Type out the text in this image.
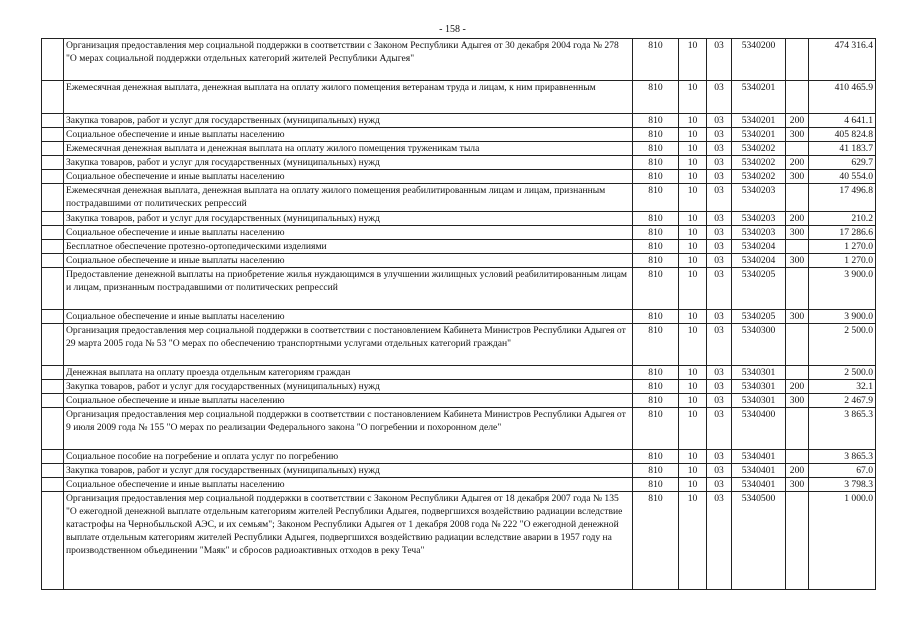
- 158 -
	Организация предоставления мер социальной поддержки в соответствии с Законом Республики Адыгея от 30 декабря 2004 года № 278 "О мерах социальной поддержки отдельных категорий жителей Республики Адыгея"	810	10	03	5340200		474 316.4
	Ежемесячная денежная выплата, денежная выплата на оплату жилого помещения ветеранам труда и лицам, к ним приравненным	810	10	03	5340201		410 465.9
	Закупка товаров, работ и услуг для государственных (муниципальных) нужд	810	10	03	5340201	200	4 641.1
	Социальное обеспечение и иные выплаты населению	810	10	03	5340201	300	405 824.8
	Ежемесячная денежная выплата и денежная выплата на оплату жилого помещения труженикам тыла	810	10	03	5340202		41 183.7
	Закупка товаров, работ и услуг для государственных (муниципальных) нужд	810	10	03	5340202	200	629.7
	Социальное обеспечение и иные выплаты населению	810	10	03	5340202	300	40 554.0
	Ежемесячная денежная выплата, денежная выплата на оплату жилого помещения реабилитированным лицам и лицам, признанным пострадавшими от политических репрессий	810	10	03	5340203		17 496.8
	Закупка товаров, работ и услуг для государственных (муниципальных) нужд	810	10	03	5340203	200	210.2
	Социальное обеспечение и иные выплаты населению	810	10	03	5340203	300	17 286.6
	Бесплатное обеспечение протезно-ортопедическими изделиями	810	10	03	5340204		1 270.0
	Социальное обеспечение и иные выплаты населению	810	10	03	5340204	300	1 270.0
	Предоставление денежной выплаты на приобретение жилья нуждающимся в улучшении жилищных условий реабилитированным лицам и лицам, признанным пострадавшими от политических репрессий	810	10	03	5340205		3 900.0
	Социальное обеспечение и иные выплаты населению	810	10	03	5340205	300	3 900.0
	Организация предоставления мер социальной поддержки в соответствии с постановлением Кабинета Министров Республики Адыгея от 29 марта 2005 года № 53 "О мерах по обеспечению транспортными услугами отдельных категорий граждан"	810	10	03	5340300		2 500.0
	Денежная выплата на оплату проезда отдельным категориям граждан	810	10	03	5340301		2 500.0
	Закупка товаров, работ и услуг для государственных (муниципальных) нужд	810	10	03	5340301	200	32.1
	Социальное обеспечение и иные выплаты населению	810	10	03	5340301	300	2 467.9
	Организация предоставления мер социальной поддержки в соответствии с постановлением Кабинета Министров Республики Адыгея от 9 июля 2009 года № 155 "О мерах по реализации Федерального закона "О погребении и похоронном деле"	810	10	03	5340400		3 865.3
	Социальное пособие на погребение и оплата услуг по погребению	810	10	03	5340401		3 865.3
	Закупка товаров, работ и услуг для государственных (муниципальных) нужд	810	10	03	5340401	200	67.0
	Социальное обеспечение и иные выплаты населению	810	10	03	5340401	300	3 798.3
	Организация предоставления мер социальной поддержки в соответствии с Законом Республики Адыгея от 18 декабря 2007 года № 135 "О ежегодной денежной выплате отдельным категориям жителей Республики Адыгея, подвергшихся воздействию радиации вследствие катастрофы на Чернобыльской АЭС, и их семьям"; Законом Республики Адыгея от 1 декабря 2008 года № 222 "О ежегодной денежной выплате отдельным категориям жителей Республики Адыгея, подвергшихся воздействию радиации вследствие аварии в 1957 году на производственном объединении "Маяк" и сбросов радиоактивных отходов в реку Теча"	810	10	03	5340500		1 000.0
